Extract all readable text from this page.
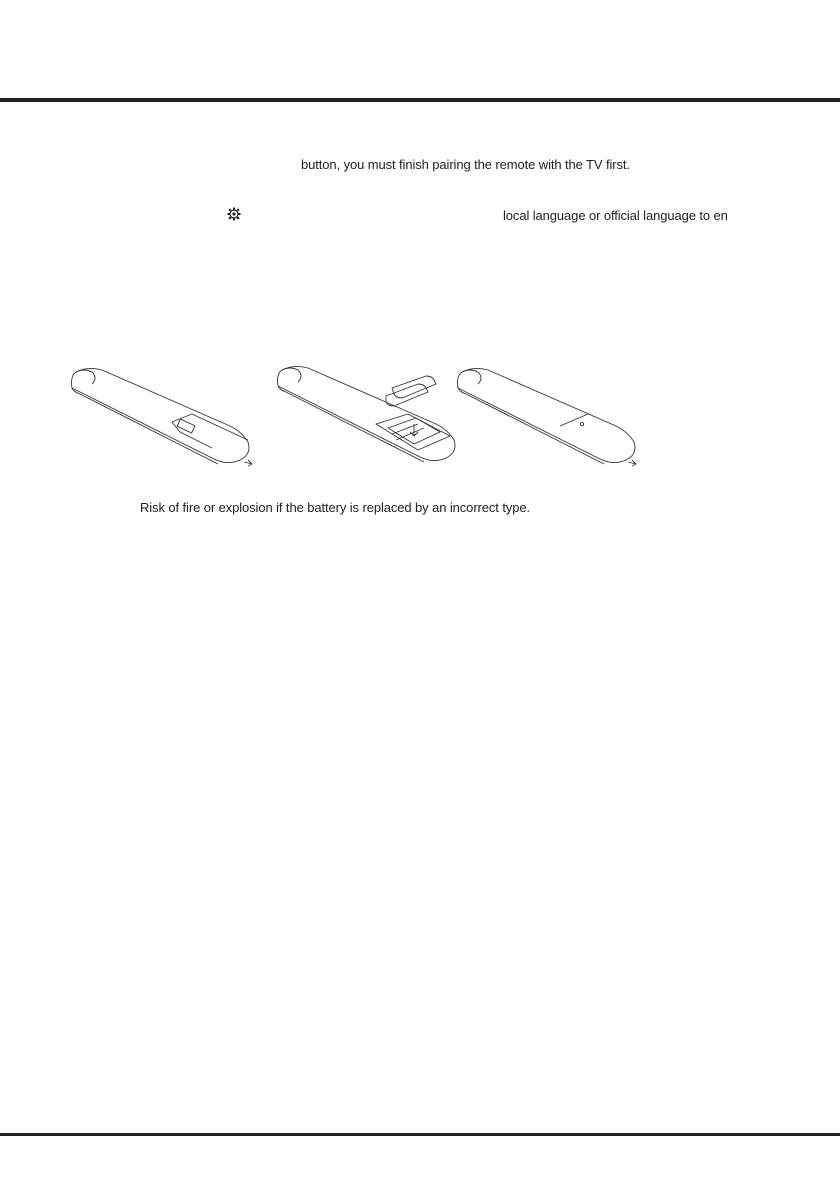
button, you must finish pairing the remote with the TV first.
local language or official language to en
Risk of fire or explosion if the battery is replaced by an incorrect type.
